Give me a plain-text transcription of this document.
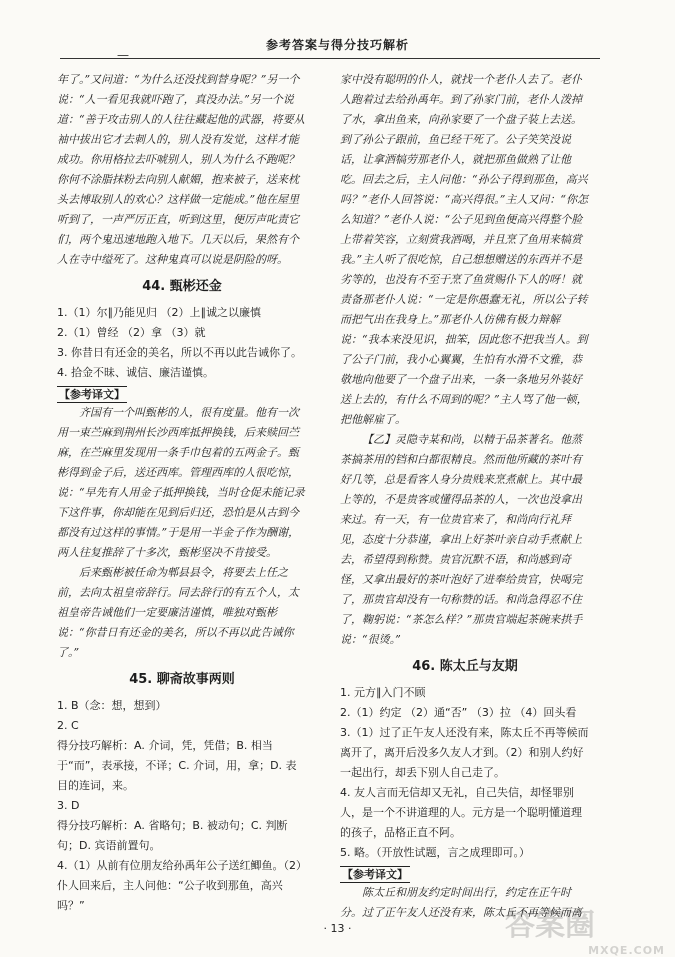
—
参考答案与得分技巧解析

年了。”又问道：“为什么还没找到替身呢？”另一个说：“人一看见我就吓跑了，真没办法。”另一个说道：“善于攻击别人的人往往藏起他的武器，将要从袖中拔出它才去刺人的，别人没有发觉，这样才能成功。你用格拉去吓唬别人，别人为什么不跑呢？你何不涂脂抹粉去向别人献媚，抱来被子，送来枕头去博取别人的欢心？这样做一定能成。”他在屋里听到了，一声严厉正直，听到这里，便厉声叱责它们，两个鬼迅速地跑入地下。几天以后，果然有个人在寺中缢死了。这种鬼真可以说是阴险的呀。

44. 甄彬还金

1.（1）尔∥乃能见归 （2）上∥诚之以廉慎

2.（1）曾经 （2）拿 （3）就

3. 你昔日有还金的美名，所以不再以此告诫你了。

4. 拾金不昧、诚信、廉洁谨慎。

【参考译文】

齐国有一个叫甄彬的人，很有度量。他有一次用一束苎麻到荆州长沙西库抵押换钱，后来赎回苎麻，在苎麻里发现用一条手巾包着的五两金子。甄彬得到金子后，送还西库。管理西库的人很吃惊，说：“早先有人用金子抵押换钱，当时仓促未能记录下这件事，你却能在见到后归还，恐怕是从古到今都没有过这样的事情。”于是用一半金子作为酬谢，两人往复推辞了十多次，甄彬坚决不肯接受。

后来甄彬被任命为郫县县令，将要去上任之前，去向太祖皇帝辞行。同去辞行的有五个人，太祖皇帝告诫他们一定要廉洁谨慎，唯独对甄彬说：“你昔日有还金的美名，所以不再以此告诫你了。”

45. 聊斋故事两则

1. B（念：想，想到）

2. C

得分技巧解析：A. 介词，凭，凭借；B. 相当于“而”，表承接，不译；C. 介词，用，拿；D. 表目的连词，来。

3. D

得分技巧解析：A. 省略句；B. 被动句；C. 判断句；D. 宾语前置句。

4.（1）从前有位朋友给孙禹年公子送红鲫鱼。（2）仆人回来后，主人问他：“公子收到那鱼，高兴吗？”

家中没有聪明的仆人，就找一个老仆人去了。老仆人跑着过去给孙禹年。到了孙家门前，老仆人泼掉了水，拿出鱼来，向孙家要了一个盘子装上去送。到了孙公子跟前，鱼已经干死了。公子笑笑没说话，让拿酒犒劳那老仆人，就把那鱼做熟了让他吃。回去之后，主人问他：“孙公子得到那鱼，高兴吗？”老仆人回答说：“高兴得很。”主人又问：“你怎么知道？”老仆人说：“公子见到鱼便高兴得整个脸上带着笑容，立刻赏我酒喝，并且烹了鱼用来犒赏我。”主人听了很吃惊，自己想想赠送的东西并不是劣等的，也没有不至于烹了鱼赏赐仆下人的呀！就责备那老仆人说：“一定是你愚蠢无礼，所以公子转而把气出在我身上。”那老仆人仿佛有极力辩解说：“我本来没见识，拙笨，因此您不把我当人。到了公子门前，我小心翼翼，生怕有水滑不文雅，恭敬地向他要了一个盘子出来，一条一条地另外装好送上去的，有什么不周到的呢？”主人骂了他一顿，把他解雇了。

【乙】灵隐寺某和尚，以精于品茶著名。他蒸茶搞茶用的铛和白都很精良。然而他所藏的茶叶有好几等，总是看客人身分贵贱来烹煮献上。其中最上等的，不是贵客或懂得品茶的人，一次也没拿出来过。有一天，有一位贵官来了，和尚向行礼拜见，态度十分恭谨，拿出上好茶叶亲自动手煮献上去，希望得到称赞。贵官沉默不语，和尚感到奇怪，又拿出最好的茶叶泡好了进奉给贵官，快喝完了，那贵官却没有一句称赞的话。和尚急得忍不住了，鞠躬说：“茶怎么样？”那贵官端起茶碗来拱手说：“很烫。”

46. 陈太丘与友期

1. 元方∥入门不顾

2.（1）约定 （2）通“否” （3）拉 （4）回头看

3.（1）过了正午友人还没有来，陈太丘不再等候而离开了，离开后没多久友人才到。（2）和别人约好一起出行，却丢下别人自己走了。

4. 友人言而无信却又无礼，自己失信，却怪罪别人，是一个不讲道理的人。元方是一个聪明懂道理的孩子，品格正直不阿。

5. 略。（开放性试题，言之成理即可。）

【参考译文】

陈太丘和朋友约定时间出行，约定在正午时分。过了正午友人还没有来，陈太丘不再等候而离

· 13 ·	答案圈
MXQE.COM
